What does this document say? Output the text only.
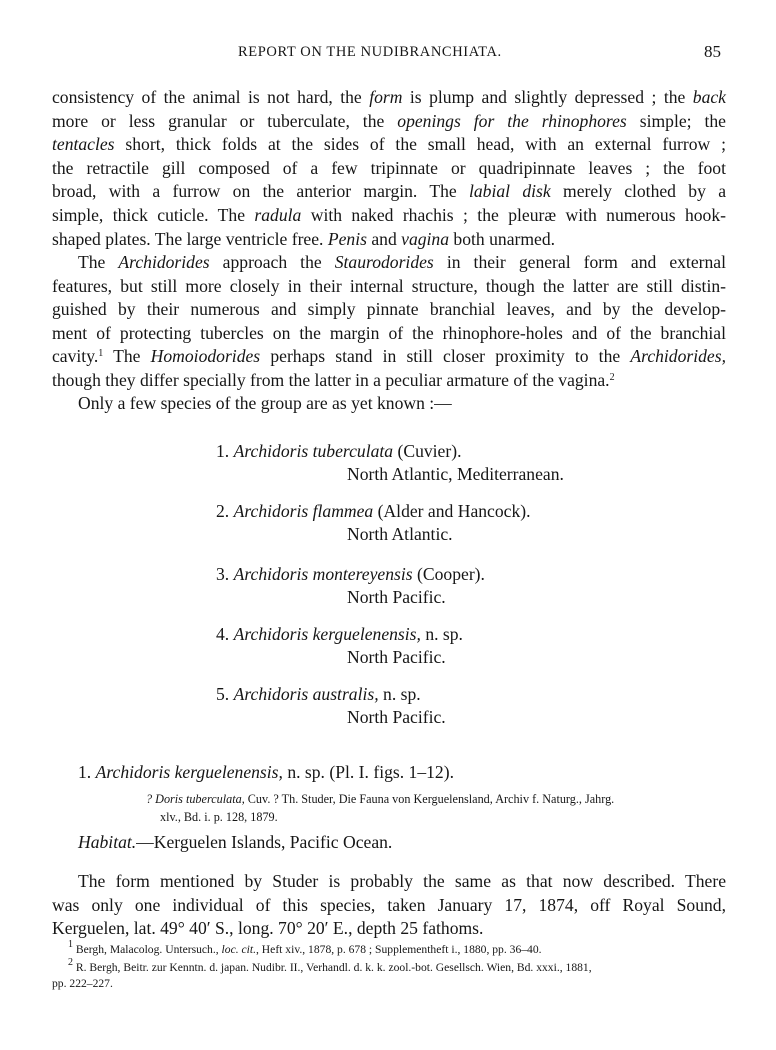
REPORT ON THE NUDIBRANCHIATA.	85
consistency of the animal is not hard, the form is plump and slightly depressed ; the back
more or less granular or tuberculate, the openings for the rhinophores simple; the
tentacles short, thick folds at the sides of the small head, with an external furrow ;
the retractile gill composed of a few tripinnate or quadripinnate leaves ; the foot
broad, with a furrow on the anterior margin. The labial disk merely clothed by a
simple, thick cuticle. The radula with naked rhachis ; the pleuræ with numerous hook-
shaped plates. The large ventricle free. Penis and vagina both unarmed.
The Archidorides approach the Staurodorides in their general form and external
features, but still more closely in their internal structure, though the latter are still distin-
guished by their numerous and simply pinnate branchial leaves, and by the develop-
ment of protecting tubercles on the margin of the rhinophore-holes and of the branchial
cavity.$^1$ The Homoiodorides perhaps stand in still closer proximity to the Archidorides,
though they differ specially from the latter in a peculiar armature of the vagina.$^2$
Only a few species of the group are as yet known :—
1. Archidoris tuberculata (Cuvier).
North Atlantic, Mediterranean.
2. Archidoris flammea (Alder and Hancock).
North Atlantic.
3. Archidoris montereyensis (Cooper).
North Pacific.
4. Archidoris kerguelenensis, n. sp.
North Pacific.
5. Archidoris australis, n. sp.
North Pacific.
1. Archidoris kerguelenensis, n. sp. (Pl. I. figs. 1–12).
? Doris tuberculata, Cuv. ? Th. Studer, Die Fauna von Kerguelensland, Archiv f. Naturg., Jahrg.
xlv., Bd. i. p. 128, 1879.
Habitat.—Kerguelen Islands, Pacific Ocean.
The form mentioned by Studer is probably the same as that now described. There
was only one individual of this species, taken January 17, 1874, off Royal Sound,
Kerguelen, lat. 49° 40′ S., long. 70° 20′ E., depth 25 fathoms.
$^1$ Bergh, Malacolog. Untersuch., loc. cit., Heft xiv., 1878, p. 678 ; Supplementheft i., 1880, pp. 36–40.
$^2$ R. Bergh, Beitr. zur Kenntn. d. japan. Nudibr. II., Verhandl. d. k. k. zool.-bot. Gesellsch. Wien, Bd. xxxi., 1881,
pp. 222–227.
